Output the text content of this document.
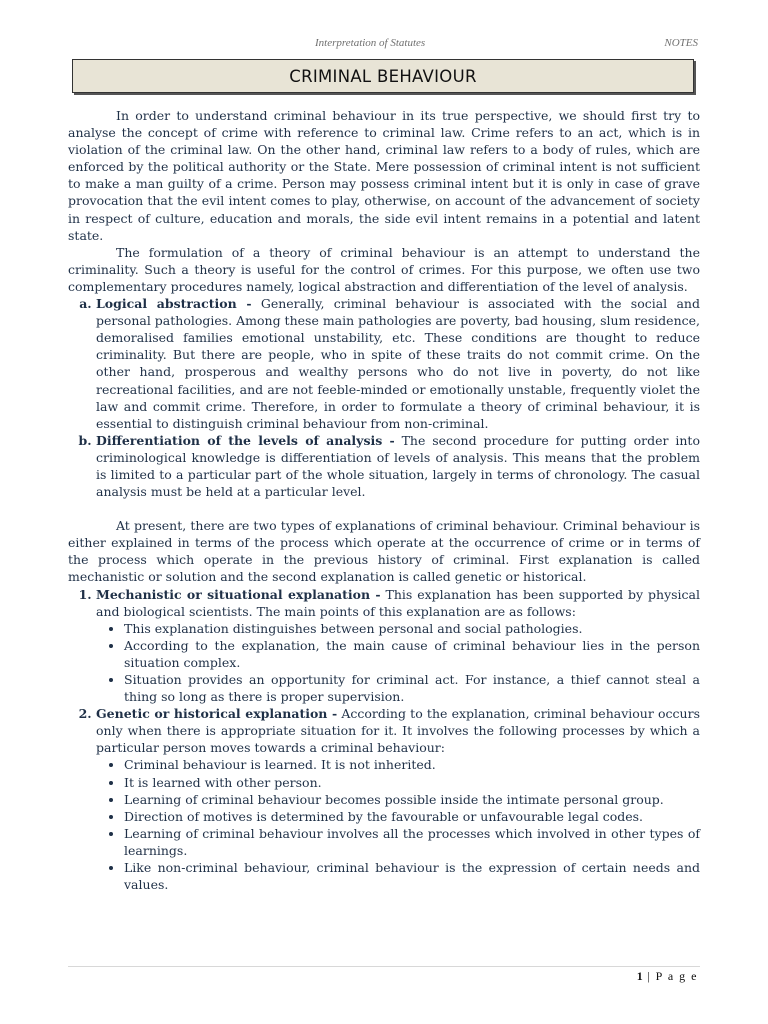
Interpretation of Statutes	NOTES
CRIMINAL BEHAVIOUR

In order to understand criminal behaviour in its true perspective, we should first try to analyse the concept of crime with reference to criminal law. Crime refers to an act, which is in violation of the criminal law. On the other hand, criminal law refers to a body of rules, which are enforced by the political authority or the State. Mere possession of criminal intent is not sufficient to make a man guilty of a crime. Person may possess criminal intent but it is only in case of grave provocation that the evil intent comes to play, otherwise, on account of the advancement of society in respect of culture, education and morals, the side evil intent remains in a potential and latent state.

The formulation of a theory of criminal behaviour is an attempt to understand the criminality. Such a theory is useful for the control of crimes. For this purpose, we often use two complementary procedures namely, logical abstraction and differentiation of the level of analysis.

a. Logical abstraction - Generally, criminal behaviour is associated with the social and personal pathologies. Among these main pathologies are poverty, bad housing, slum residence, demoralised families emotional unstability, etc. These conditions are thought to reduce criminality. But there are people, who in spite of these traits do not commit crime. On the other hand, prosperous and wealthy persons who do not live in poverty, do not like recreational facilities, and are not feeble-minded or emotionally unstable, frequently violet the law and commit crime. Therefore, in order to formulate a theory of criminal behaviour, it is essential to distinguish criminal behaviour from non-criminal.
b. Differentiation of the levels of analysis - The second procedure for putting order into criminological knowledge is differentiation of levels of analysis. This means that the problem is limited to a particular part of the whole situation, largely in terms of chronology. The casual analysis must be held at a particular level.

At present, there are two types of explanations of criminal behaviour. Criminal behaviour is either explained in terms of the process which operate at the occurrence of crime or in terms of the process which operate in the previous history of criminal. First explanation is called mechanistic or solution and the second explanation is called genetic or historical.

1. Mechanistic or situational explanation - This explanation has been supported by physical and biological scientists. The main points of this explanation are as follows:
• This explanation distinguishes between personal and social pathologies.
• According to the explanation, the main cause of criminal behaviour lies in the person situation complex.
• Situation provides an opportunity for criminal act. For instance, a thief cannot steal a thing so long as there is proper supervision.
2. Genetic or historical explanation - According to the explanation, criminal behaviour occurs only when there is appropriate situation for it. It involves the following processes by which a particular person moves towards a criminal behaviour:
• Criminal behaviour is learned. It is not inherited.
• It is learned with other person.
• Learning of criminal behaviour becomes possible inside the intimate personal group.
• Direction of motives is determined by the favourable or unfavourable legal codes.
• Learning of criminal behaviour involves all the processes which involved in other types of learnings.
• Like non-criminal behaviour, criminal behaviour is the expression of certain needs and values.
1 | P a g e
